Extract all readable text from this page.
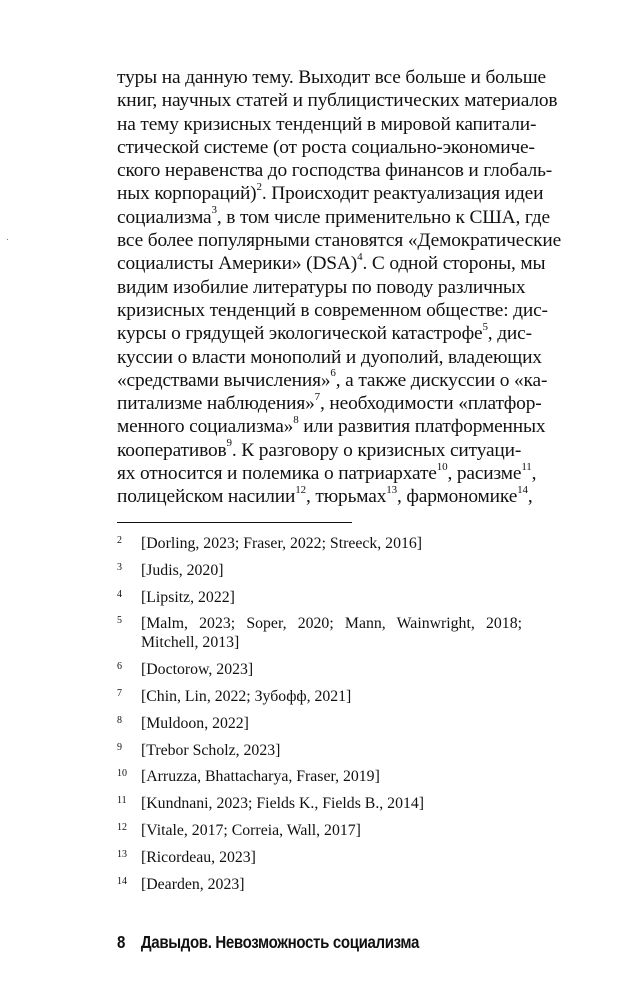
туры на данную тему. Выходит все больше и больше
книг, научных статей и публицистических материалов
на тему кризисных тенденций в мировой капитали-
стической системе (от роста социально-экономиче-
ского неравенства до господства финансов и глобаль-
ных корпораций)$^2$. Происходит реактуализация идеи
социализма$^3$, в том числе применительно к США, где
все более популярными становятся «Демократические
социалисты Америки» (DSA)$^4$. С одной стороны, мы
видим изобилие литературы по поводу различных
кризисных тенденций в современном обществе: дис-
курсы о грядущей экологической катастрофе$^5$, дис-
куссии о власти монополий и дуополий, владеющих
«средствами вычисления»$^6$, а также дискуссии о «ка-
питализме наблюдения»$^7$, необходимости «платфор-
менного социализма»$^8$ или развития платформенных
кооперативов$^9$. К разговору о кризисных ситуаци-
ях относится и полемика о патриархате$^{10}$, расизме$^{11}$,
полицейском насилии$^{12}$, тюрьмах$^{13}$, фармономике$^{14}$,
2	[Dorling, 2023; Fraser, 2022; Streeck, 2016]
3	[Judis, 2020]
4	[Lipsitz, 2022]
5	[Malm, 2023; Soper, 2020; Mann, Wainwright, 2018; Mitchell, 2013]
6	[Doctorow, 2023]
7	[Chin, Lin, 2022; Зубофф, 2021]
8	[Muldoon, 2022]
9	[Trebor Scholz, 2023]
10 [Arruzza, Bhattacharya, Fraser, 2019]
11 [Kundnani, 2023; Fields K., Fields B., 2014]
12 [Vitale, 2017; Correia, Wall, 2017]
13 [Ricordeau, 2023]
14 [Dearden, 2023]
8 Давыдов. Невозможность социализма
